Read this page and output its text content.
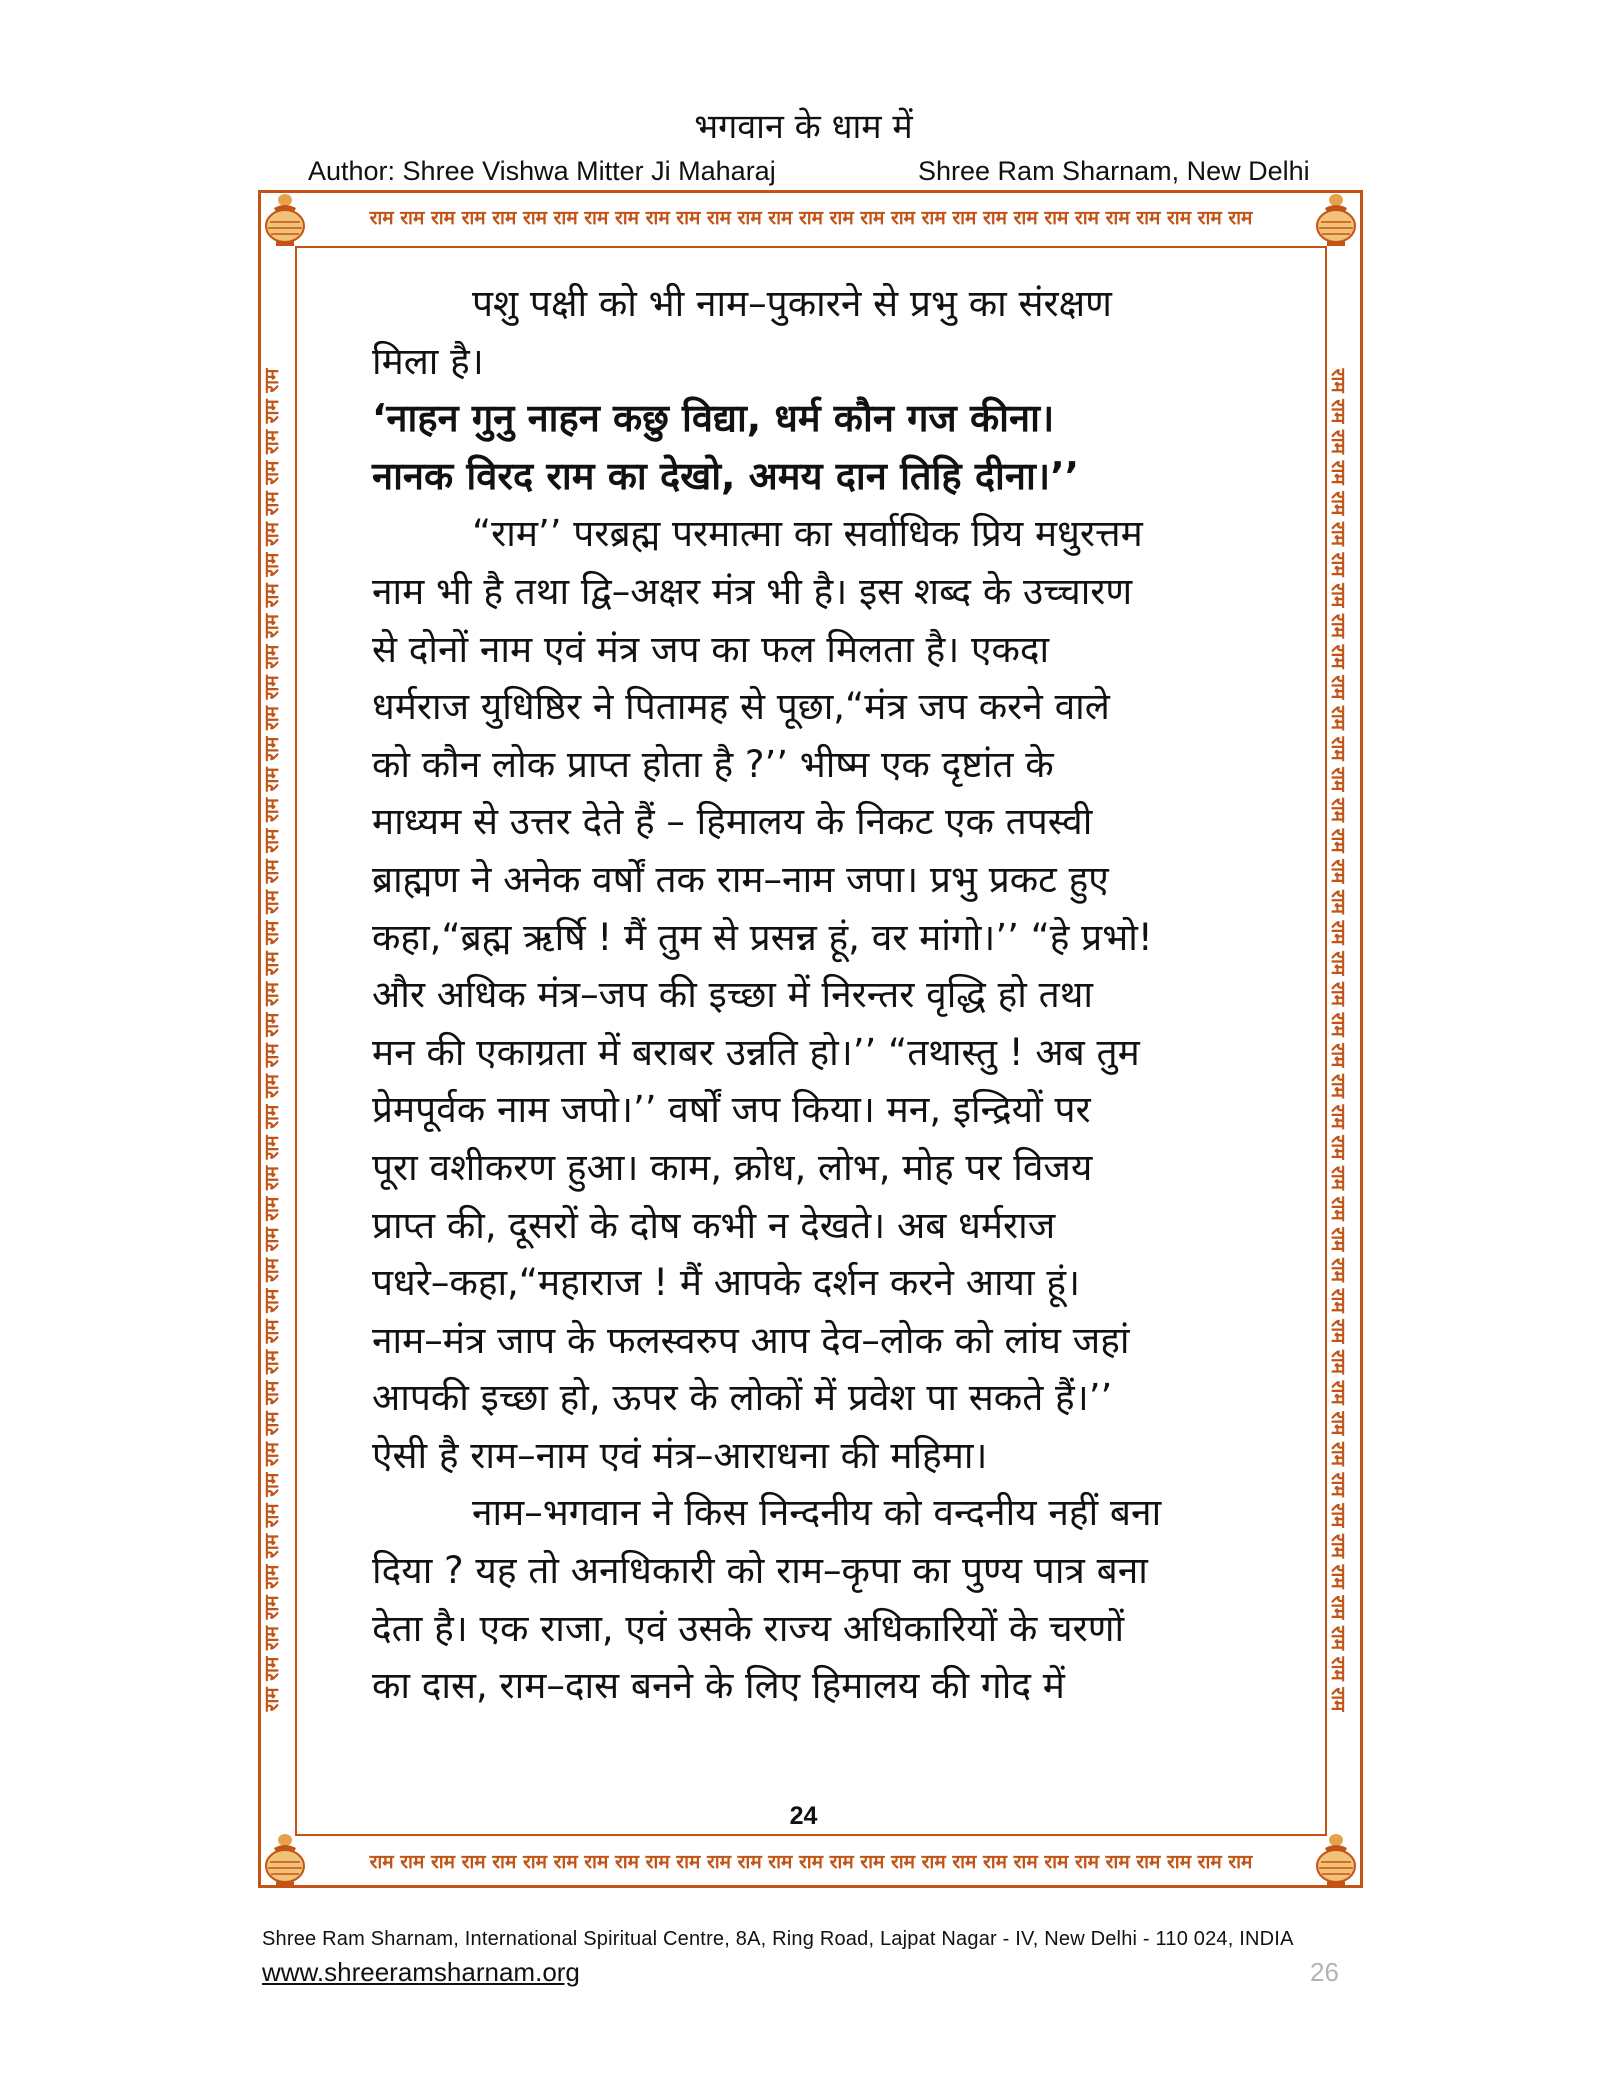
भगवान के धाम में
Author: Shree Vishwa Mitter Ji Maharaj	Shree Ram Sharnam, New Delhi
राम राम राम राम राम राम राम राम राम राम राम राम राम राम राम राम राम राम राम राम राम राम राम राम राम राम राम राम राम
राम राम राम राम राम राम राम राम राम राम राम राम राम राम राम राम राम राम राम राम राम राम राम राम राम राम राम राम राम
राम राम राम राम राम राम राम राम राम राम राम राम राम राम राम राम राम राम राम राम राम राम राम राम राम राम राम राम राम राम राम राम राम राम राम राम राम राम राम राम राम राम राम राम	राम राम राम राम राम राम राम राम राम राम राम राम राम राम राम राम राम राम राम राम राम राम राम राम राम राम राम राम राम राम राम राम राम राम राम राम राम राम राम राम राम राम राम राम

पशु पक्षी को भी नाम–पुकारने से प्रभु का संरक्षण

मिला है।

‘नाहन गुनु नाहन कछु विद्या, धर्म कौन गज कीना।

नानक विरद राम का देखो, अमय दान तिहि दीना।’’

“राम’’ परब्रह्म परमात्मा का सर्वाधिक प्रिय मधुरत्तम

नाम भी है तथा द्वि–अक्षर मंत्र भी है। इस शब्द के उच्चारण

से दोनों नाम एवं मंत्र जप का फल मिलता है। एकदा

धर्मराज युधिष्ठिर ने पितामह से पूछा,“मंत्र जप करने वाले

को कौन लोक प्राप्त होता है ?’’ भीष्म एक दृष्टांत के

माध्यम से उत्तर देते हैं – हिमालय के निकट एक तपस्वी

ब्राह्मण ने अनेक वर्षों तक राम–नाम जपा। प्रभु प्रकट हुए

कहा,“ब्रह्म ऋर्षि ! मैं तुम से प्रसन्न हूं, वर मांगो।’’ “हे प्रभो!

और अधिक मंत्र–जप की इच्छा में निरन्तर वृद्धि हो तथा

मन की एकाग्रता में बराबर उन्नति हो।’’ “तथास्तु ! अब तुम

प्रेमपूर्वक नाम जपो।’’ वर्षों जप किया। मन, इन्द्रियों पर

पूरा वशीकरण हुआ। काम, क्रोध, लोभ, मोह पर विजय

प्राप्त की, दूसरों के दोष कभी न देखते। अब धर्मराज

पधरे–कहा,“महाराज ! मैं आपके दर्शन करने आया हूं।

नाम–मंत्र जाप के फलस्वरुप आप देव–लोक को लांघ जहां

आपकी इच्छा हो, ऊपर के लोकों में प्रवेश पा सकते हैं।’’

ऐसी है राम–नाम एवं मंत्र–आराधना की महिमा।

नाम–भगवान ने किस निन्दनीय को वन्दनीय नहीं बना

दिया ? यह तो अनधिकारी को राम–कृपा का पुण्य पात्र बना

देता है। एक राजा, एवं उसके राज्य अधिकारियों के चरणों

का दास, राम–दास बनने के लिए हिमालय की गोद में

24
Shree Ram Sharnam, International Spiritual Centre, 8A, Ring Road, Lajpat Nagar - IV, New Delhi - 110 024, INDIA
www.shreeramsharnam.org	26
